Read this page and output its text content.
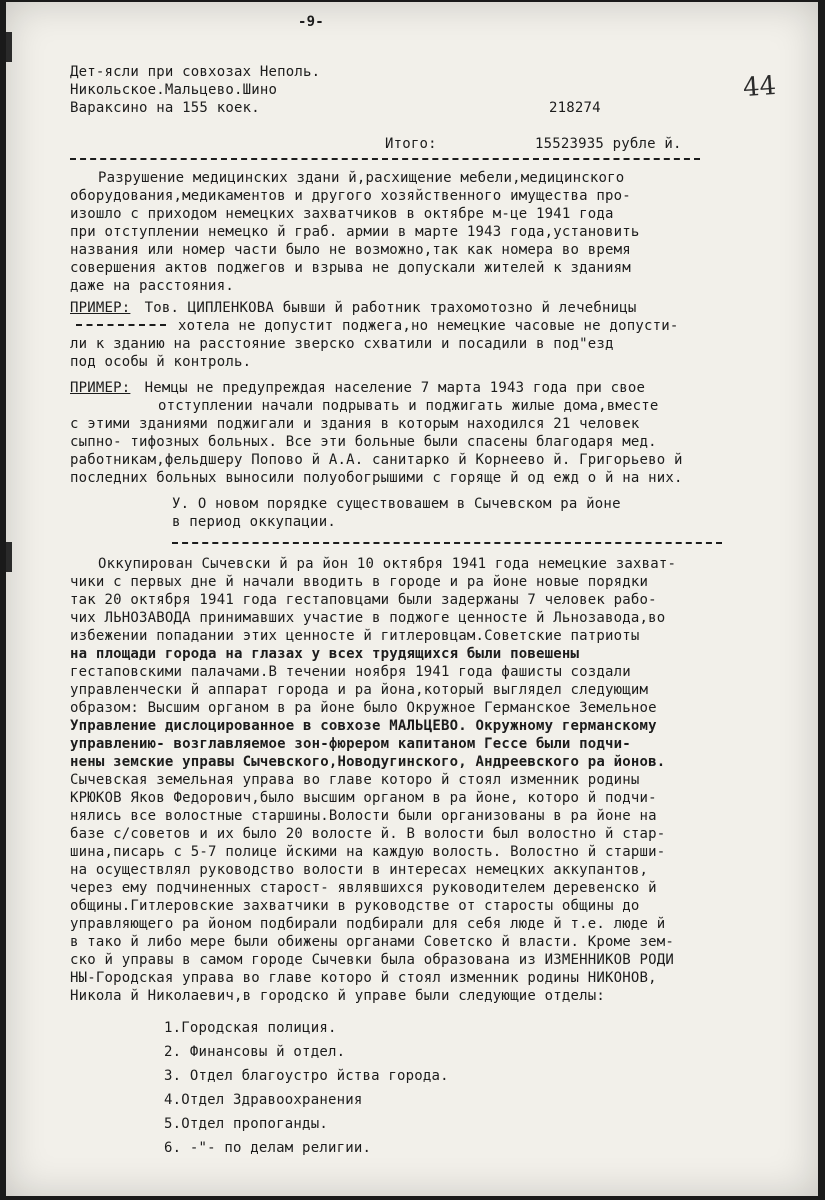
-9-
44
Дет-ясли при совхозах Неполь.
Никольское.Мальцево.Шино
Вараксино на 155 коек.	218274
Итого:	15523935 рубле й.
Разрушение медицинских здани й,расхищение мебели,медицинского
оборудования,медикаментов и другого хозяйственного имущества про-
изошло с приходом немецких захватчиков в октябре м-це 1941 года
при отступлении немецко й граб. армии в марте 1943 года,установить
названия или номер части было не возможно,так как номера во время
совершения актов поджегов и взрыва не допускали жителей к зданиям
даже на расстояния.
ПРИМЕР: Тов. ЦИПЛЕНКОВА бывши й работник трахомотозно й лечебницы
хотела не допустит поджега,но немецкие часовые не допусти-
ли к зданию на расстояние зверско схватили и посадили в под"езд
под особы й контроль.
ПРИМЕР: Немцы не предупреждая население 7 марта 1943 года при свое
отступлении начали подрывать и поджигать жилые дома,вместе
с этими зданиями поджигали и здания в которым находился 21 человек
сыпно- тифозных больных. Все эти больные были спасены благодаря мед.
работникам,фельдшеру Попово й А.А. санитарко й Корнеево й. Григорьево й
последних больных выносили полуобогрышими с горяще й од ежд о й на них.
У. О новом порядке существовашем в Сычевском ра йоне
в период оккупации.
Оккупирован Сычевски й ра йон 10 октября 1941 года немецкие захват-
чики с первых дне й начали вводить в городе и ра йоне новые порядки
так 20 октября 1941 года гестаповцами были задержаны 7 человек рабо-
чих ЛЬНОЗАВОДА принимавших участие в поджоге ценносте й Льнозавода,во
избежении попадании этих ценносте й гитлеровцам.Советские патриоты
на площади города на глазах у всех трудящихся были повешены
гестаповскими палачами.В течении ноября 1941 года фашисты создали
управленчески й аппарат города и ра йона,который выглядел следующим
образом: Высшим органом в ра йоне было Окружное Германское Земельное
Управление дислоцированное в совхозе МАЛЬЦЕВО. Окружному германскому
управлению- возглавляемое зон-фюрером капитаном Гессе были подчи-
нены земские управы Сычевского,Новодугинского, Андреевского ра йонов.
Сычевская земельная управа во главе которо й стоял изменник родины
КРЮКОВ Яков Федорович,было высшим органом в ра йоне, которо й подчи-
нялись все волостные старшины.Волости были организованы в ра йоне на
базе с/советов и их было 20 волосте й. В волости был волостно й стар-
шина,писарь с 5-7 полице йскими на каждую волость. Волостно й старши-
на осуществлял руководство волости в интересах немецких аккупантов,
через ему подчиненных старост- являвшихся руководителем деревенско й
общины.Гитлеровские захватчики в руководстве от старосты общины до
управляющего ра йоном подбирали подбирали для себя люде й т.е. люде й
в тако й либо мере были обижены органами Советско й власти. Кроме зем-
ско й управы в самом городе Сычевки была образована из ИЗМЕННИКОВ РОДИ
НЫ-Городская управа во главе которо й стоял изменник родины НИКОНОВ,
Никола й Николаевич,в городско й управе были следующие отделы:
1.Городская полиция.
2. Финансовы й отдел.
3. Отдел благоустро йства города.
4.Отдел Здравоохранения
5.Отдел пропоганды.
6. -"- по делам религии.
